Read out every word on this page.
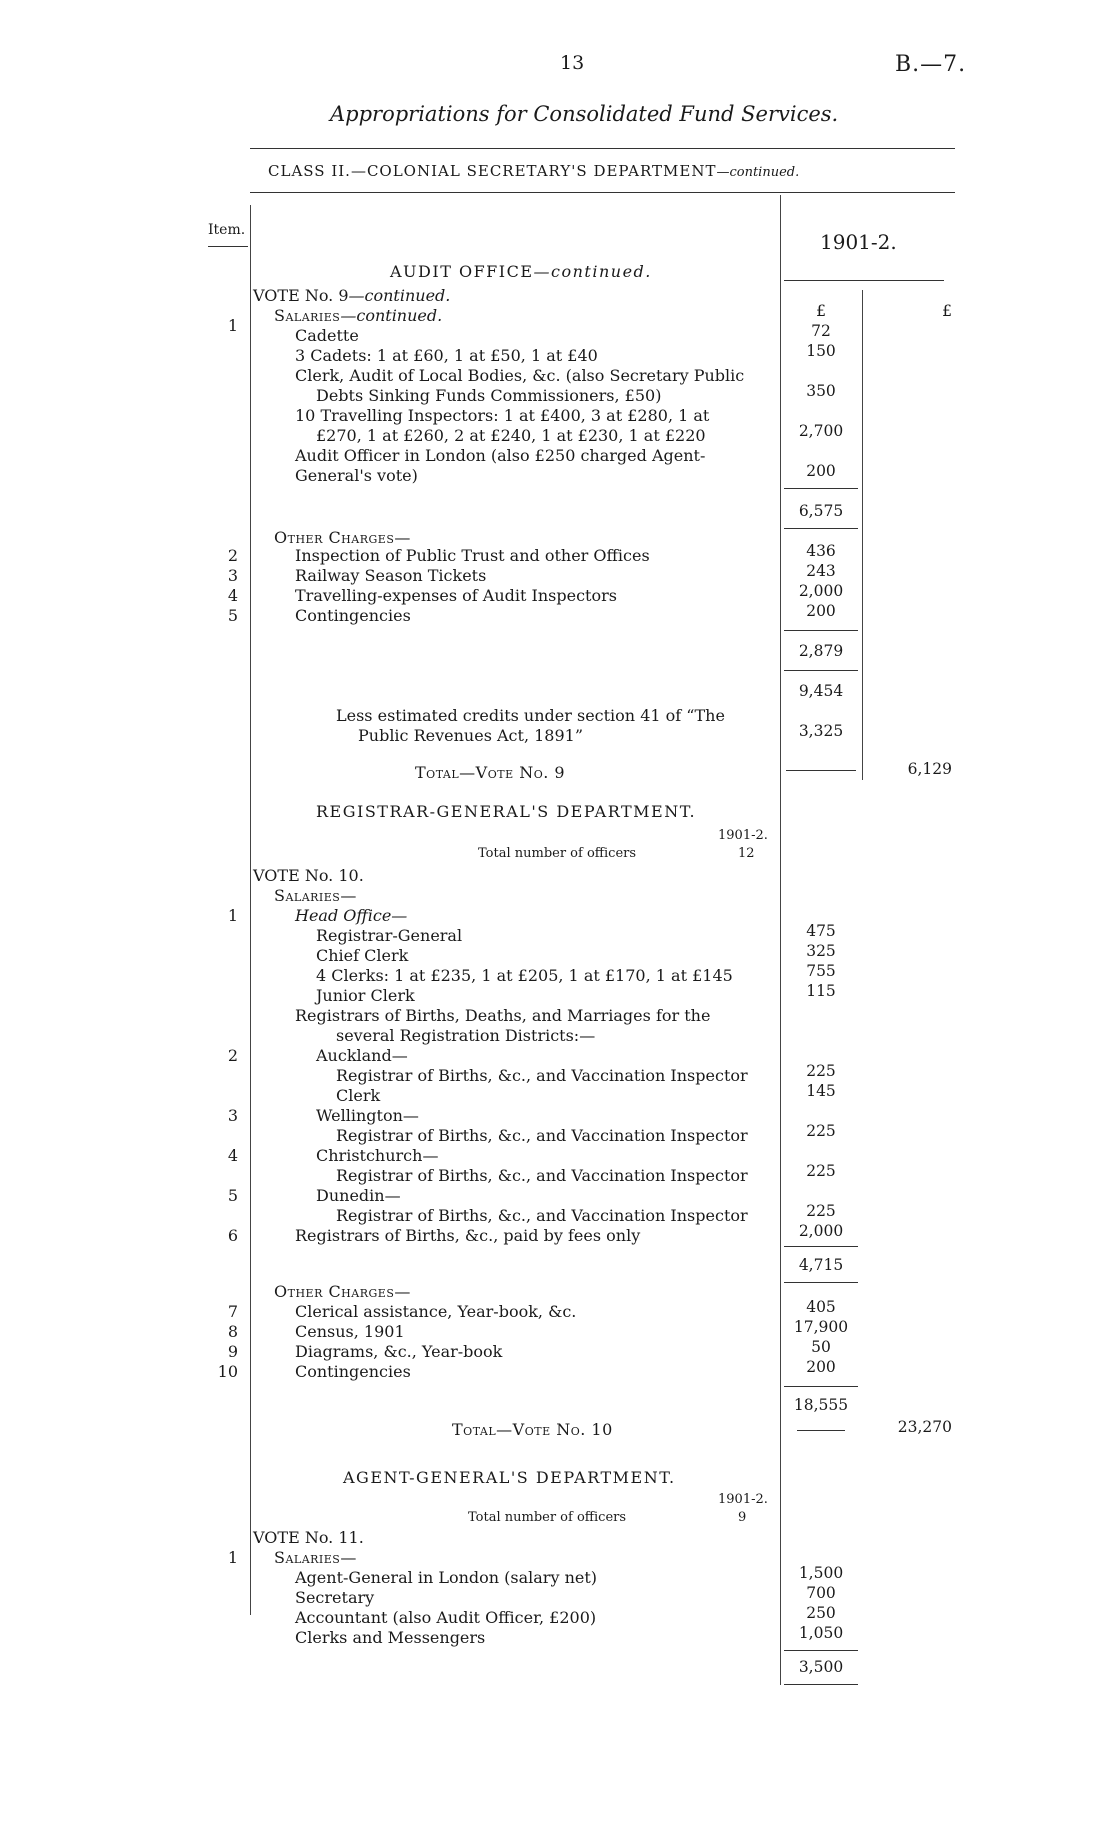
13	B.—7.
Appropriations for Consolidated Fund Services.
CLASS II.—COLONIAL SECRETARY'S DEPARTMENT—continued.
Item.	1901-2.
AUDIT OFFICE—continued.
VOTE No. 9—continued.
£	£
Salaries—continued.
1
Cadette	72
3 Cadets: 1 at £60, 1 at £50, 1 at £40	150
Clerk, Audit of Local Bodies, &c. (also Secretary Public
Debts Sinking Funds Commissioners, £50)	350
10 Travelling Inspectors: 1 at £400, 3 at £280, 1 at
£270, 1 at £260, 2 at £240, 1 at £230, 1 at £220	2,700
Audit Officer in London (also £250 charged Agent-
General's vote)	200
6,575
Other Charges—
2	Inspection of Public Trust and other Offices	436
3	Railway Season Tickets	243
4	Travelling-expenses of Audit Inspectors	2,000
5	Contingencies	200
2,879
9,454
Less estimated credits under section 41 of “The
Public Revenues Act, 1891”	3,325
Total—Vote No. 9	6,129
REGISTRAR-GENERAL'S DEPARTMENT.
1901-2.
Total number of officers	12
VOTE No. 10.
Salaries—
1	Head Office—
Registrar-General	475
Chief Clerk	325
4 Clerks: 1 at £235, 1 at £205, 1 at £170, 1 at £145	755
Junior Clerk	115
Registrars of Births, Deaths, and Marriages for the
several Registration Districts:—
2	Auckland—
Registrar of Births, &c., and Vaccination Inspector	225
Clerk	145
3	Wellington—
Registrar of Births, &c., and Vaccination Inspector	225
4	Christchurch—
Registrar of Births, &c., and Vaccination Inspector	225
5	Dunedin—
Registrar of Births, &c., and Vaccination Inspector	225
6	Registrars of Births, &c., paid by fees only	2,000
4,715
Other Charges—
7	Clerical assistance, Year-book, &c.	405
8	Census, 1901	17,900
9	Diagrams, &c., Year-book	50
10	Contingencies	200
18,555
Total—Vote No. 10	23,270
AGENT-GENERAL'S DEPARTMENT.
1901-2.
Total number of officers	9
VOTE No. 11.
1 Salaries—
Agent-General in London (salary net)	1,500
Secretary	700
Accountant (also Audit Officer, £200)	250
Clerks and Messengers	1,050
3,500
